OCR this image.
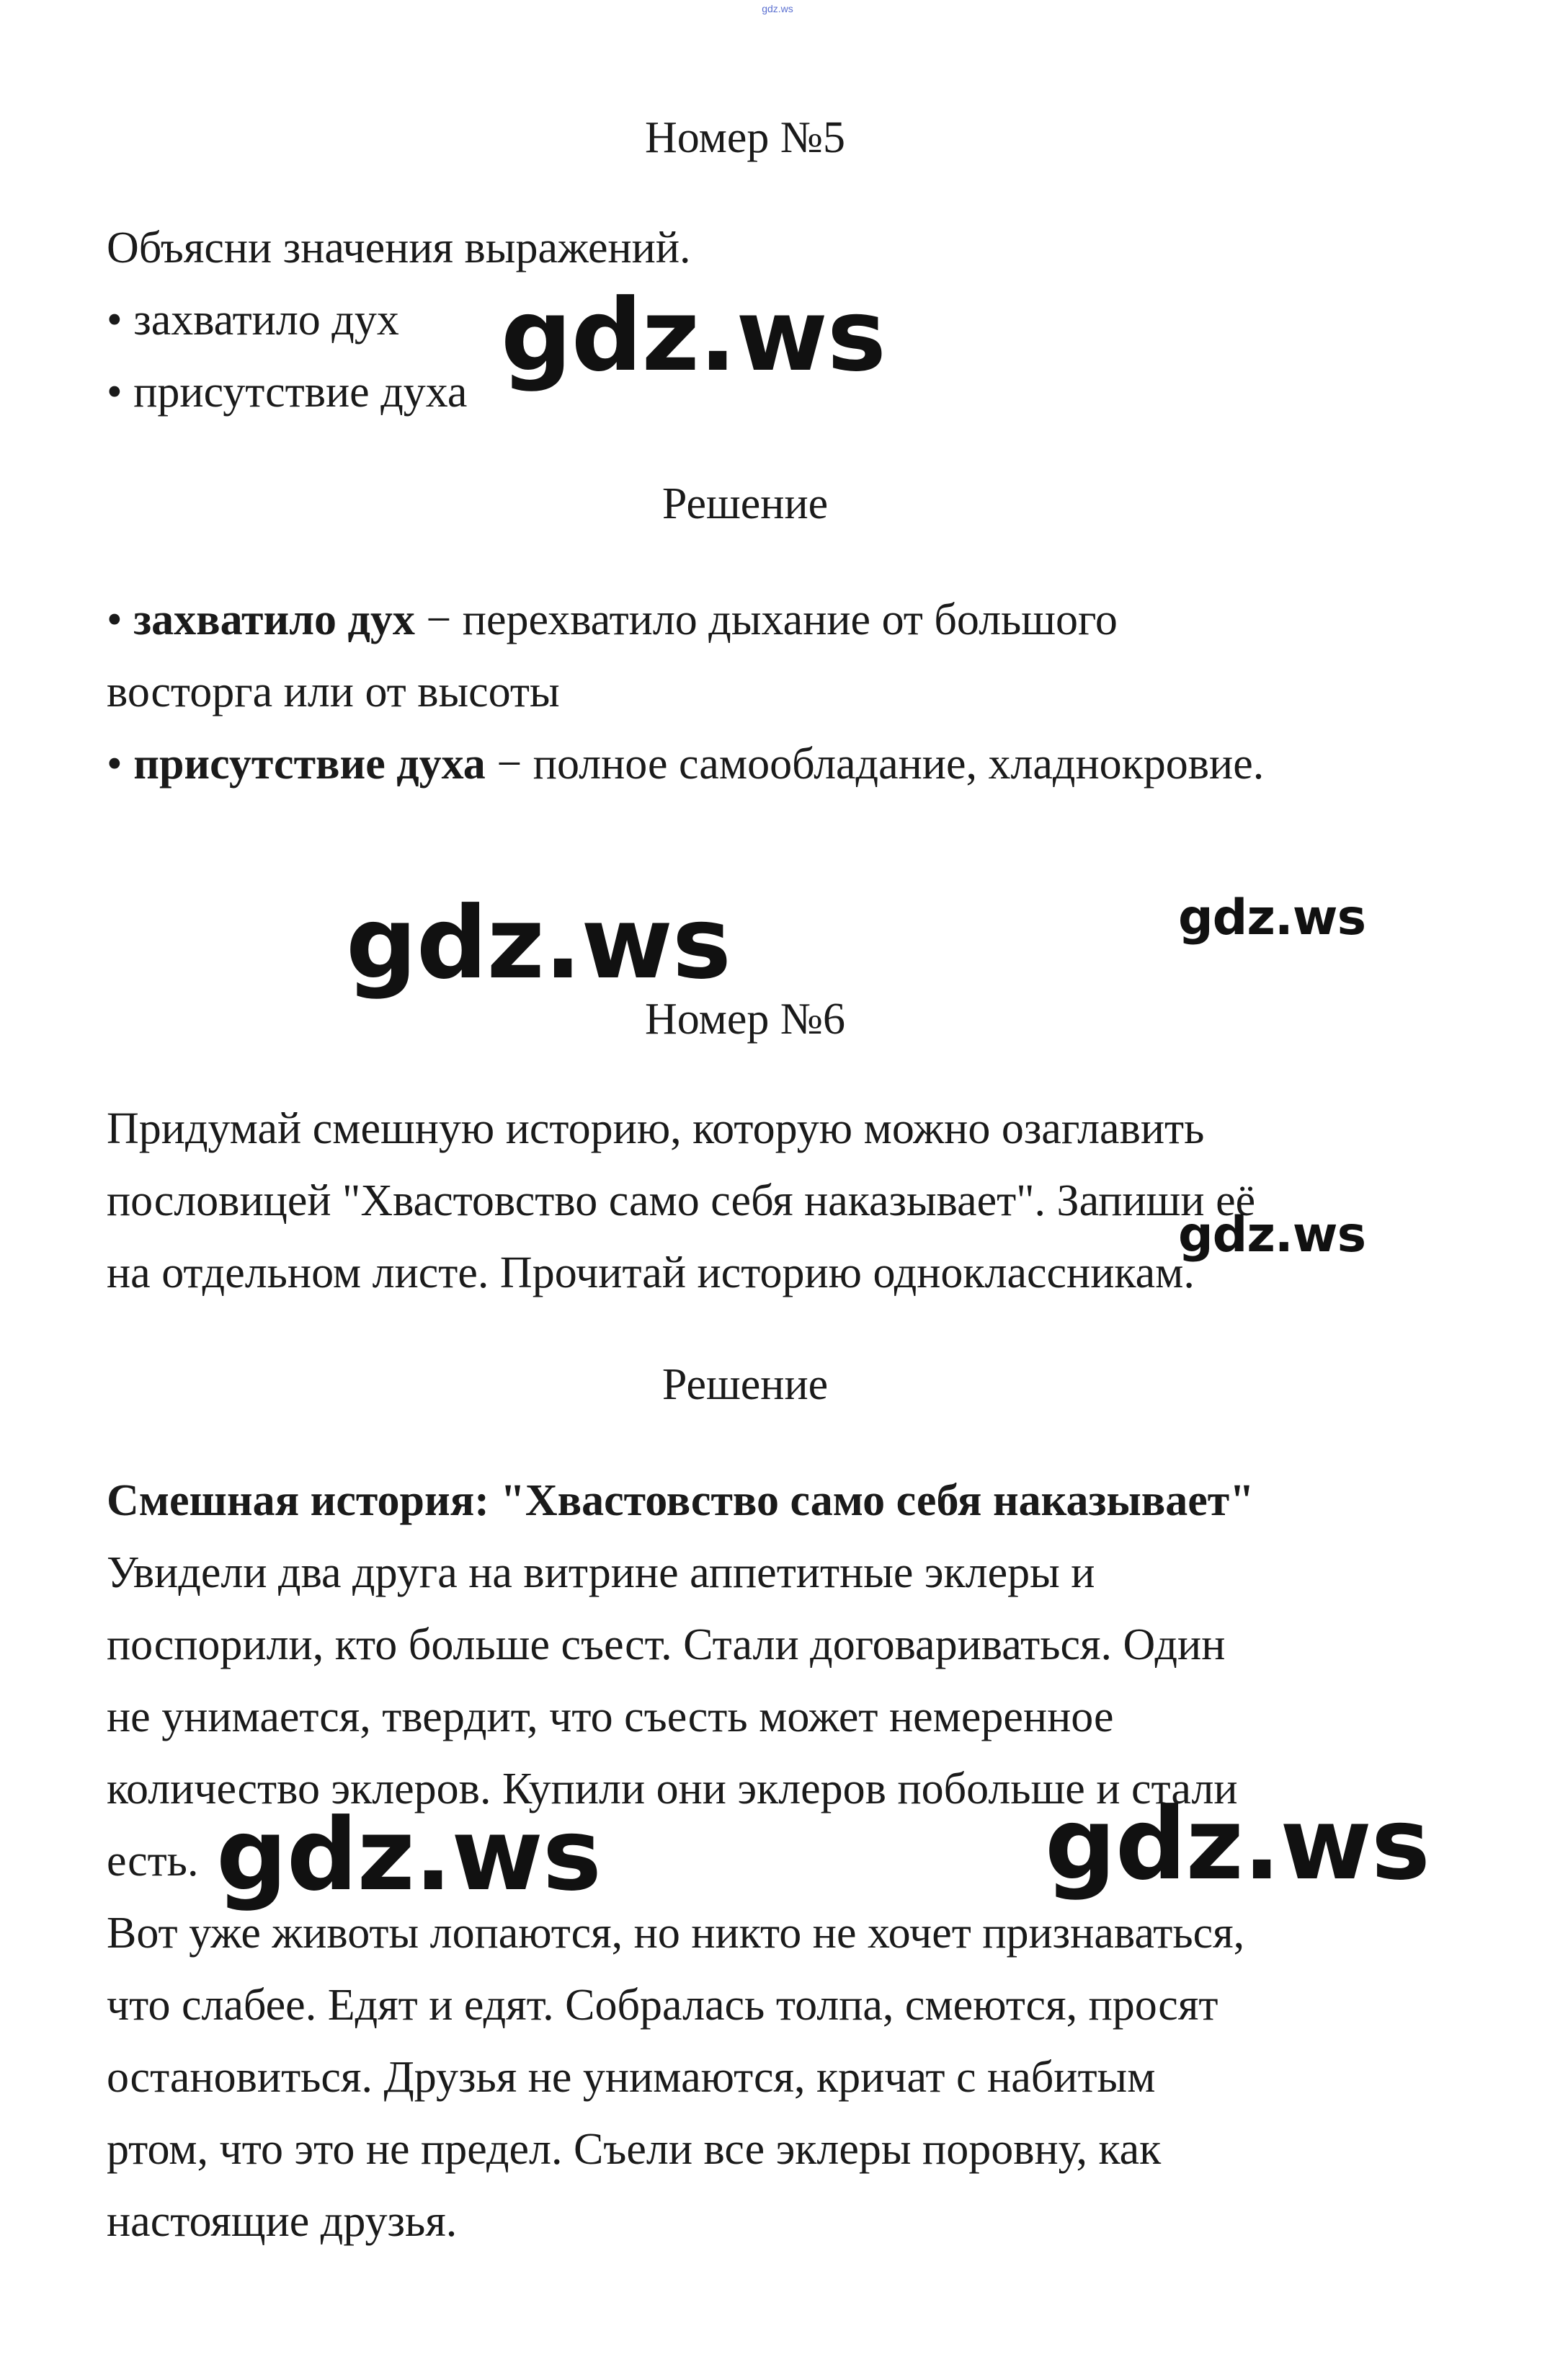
gdz.ws
Номер №5
Объясни значения выражений.
• захватило дух
• присутствие духа
Решение
• захватило дух − перехватило дыхание от большого
восторга или от высоты
• присутствие духа − полное самообладание, хладнокровие.
Номер №6
Придумай смешную историю, которую можно озаглавить
пословицей "Хвастовство само себя наказывает". Запиши её
на отдельном листе. Прочитай историю одноклассникам.
Решение
Смешная история: "Хвастовство само себя наказывает"
Увидели два друга на витрине аппетитные эклеры и
поспорили, кто больше съест. Стали договариваться. Один
не унимается, твердит, что съесть может немеренное
количество эклеров. Купили они эклеров побольше и стали
есть.
Вот уже животы лопаются, но никто не хочет признаваться,
что слабее. Едят и едят. Собралась толпа, смеются, просят
остановиться. Друзья не унимаются, кричат с набитым
ртом, что это не предел. Съели все эклеры поровну, как
настоящие друзья.
gdz.ws
gdz.ws	gdz.ws
gdz.ws
gdz.ws	gdz.ws
